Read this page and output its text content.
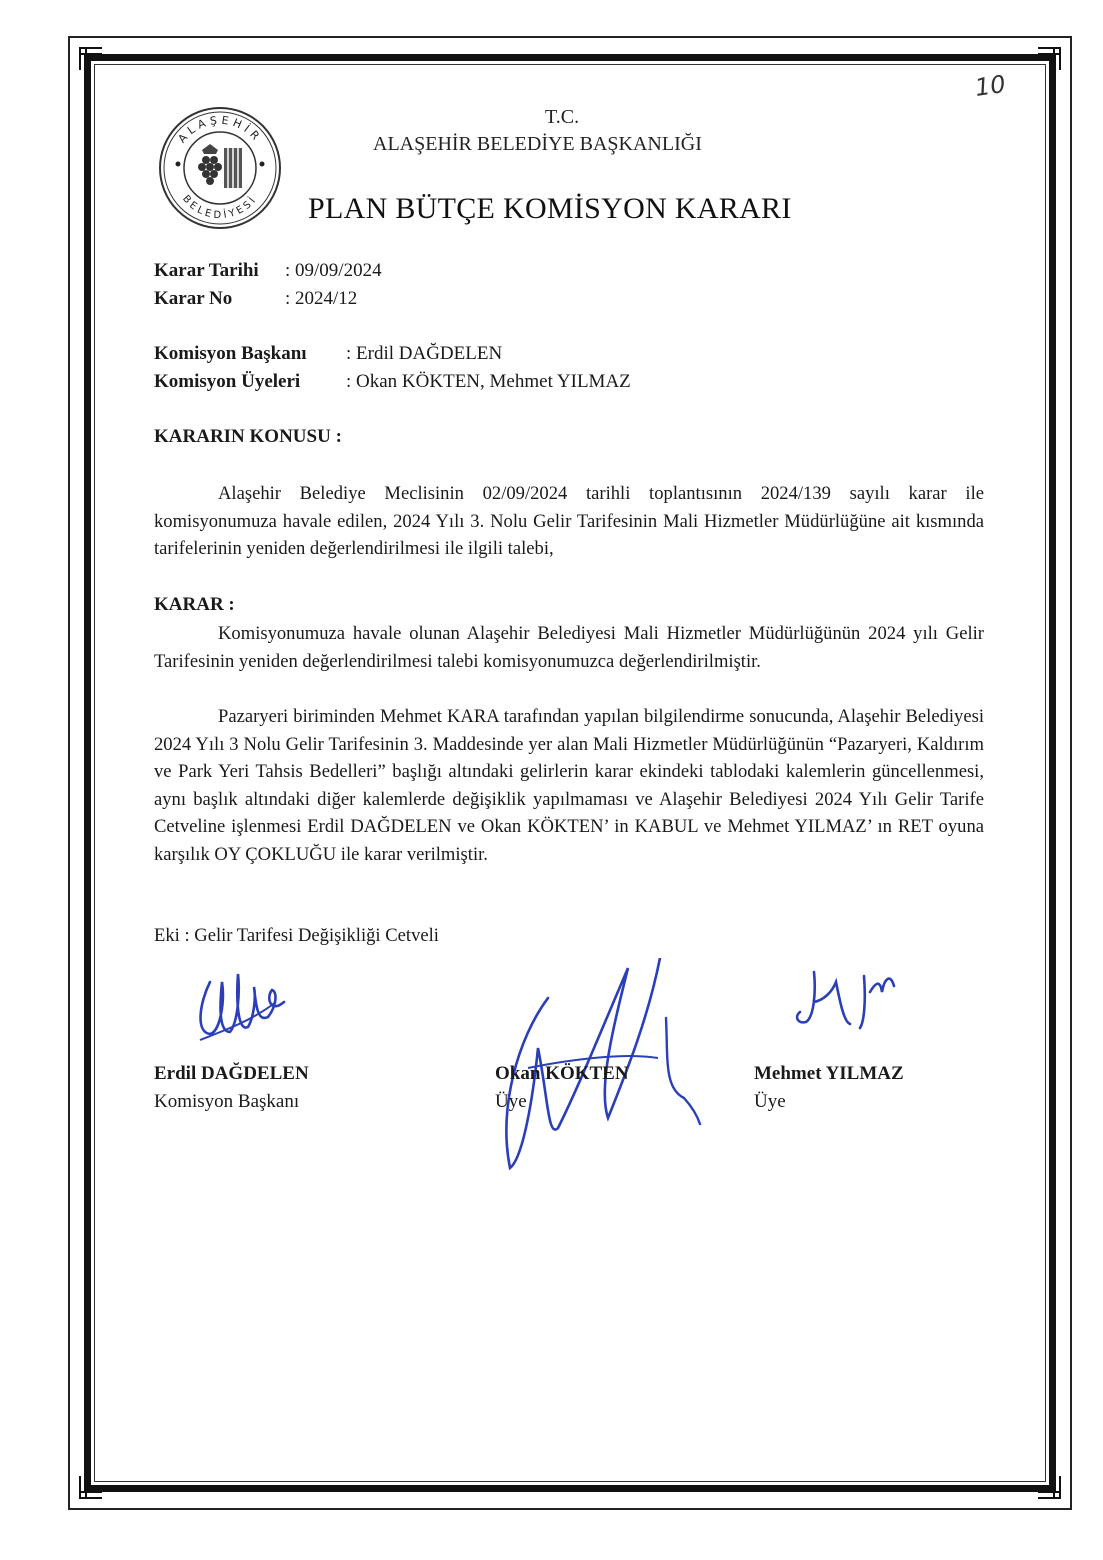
10
ALAŞEHİR
BELEDİYESİ
T.C.
ALAŞEHİR BELEDİYE BAŞKANLIĞI
PLAN BÜTÇE KOMİSYON KARARI
Karar Tarihi : 09/09/2024
Karar No	: 2024/12
Komisyon Başkanı : Erdil DAĞDELEN
Komisyon Üyeleri : Okan KÖKTEN, Mehmet YILMAZ
KARARIN KONUSU :
Alaşehir Belediye Meclisinin 02/09/2024 tarihli toplantısının 2024/139 sayılı karar ile komisyonumuza havale edilen, 2024 Yılı 3. Nolu Gelir Tarifesinin Mali Hizmetler Müdürlüğüne ait kısmında tarifelerinin yeniden değerlendirilmesi ile ilgili talebi,
KARAR :
Komisyonumuza havale olunan Alaşehir Belediyesi Mali Hizmetler Müdürlüğünün 2024 yılı Gelir Tarifesinin yeniden değerlendirilmesi talebi komisyonumuzca değerlendirilmiştir.
Pazaryeri biriminden Mehmet KARA tarafından yapılan bilgilendirme sonucunda, Alaşehir Belediyesi 2024 Yılı 3 Nolu Gelir Tarifesinin 3. Maddesinde yer alan Mali Hizmetler Müdürlüğünün “Pazaryeri, Kaldırım ve Park Yeri Tahsis Bedelleri” başlığı altındaki gelirlerin karar ekindeki tablodaki kalemlerin güncellenmesi, aynı başlık altındaki diğer kalemlerde değişiklik yapılmaması ve Alaşehir Belediyesi 2024 Yılı Gelir Tarife Cetveline işlenmesi Erdil DAĞDELEN ve Okan KÖKTEN’ in KABUL ve Mehmet YILMAZ’ ın RET oyuna karşılık OY ÇOKLUĞU ile karar verilmiştir.
Eki : Gelir Tarifesi Değişikliği Cetveli
Erdil DAĞDELEN
Komisyon Başkanı
Okan KÖKTEN
Üye
Mehmet YILMAZ
Üye
